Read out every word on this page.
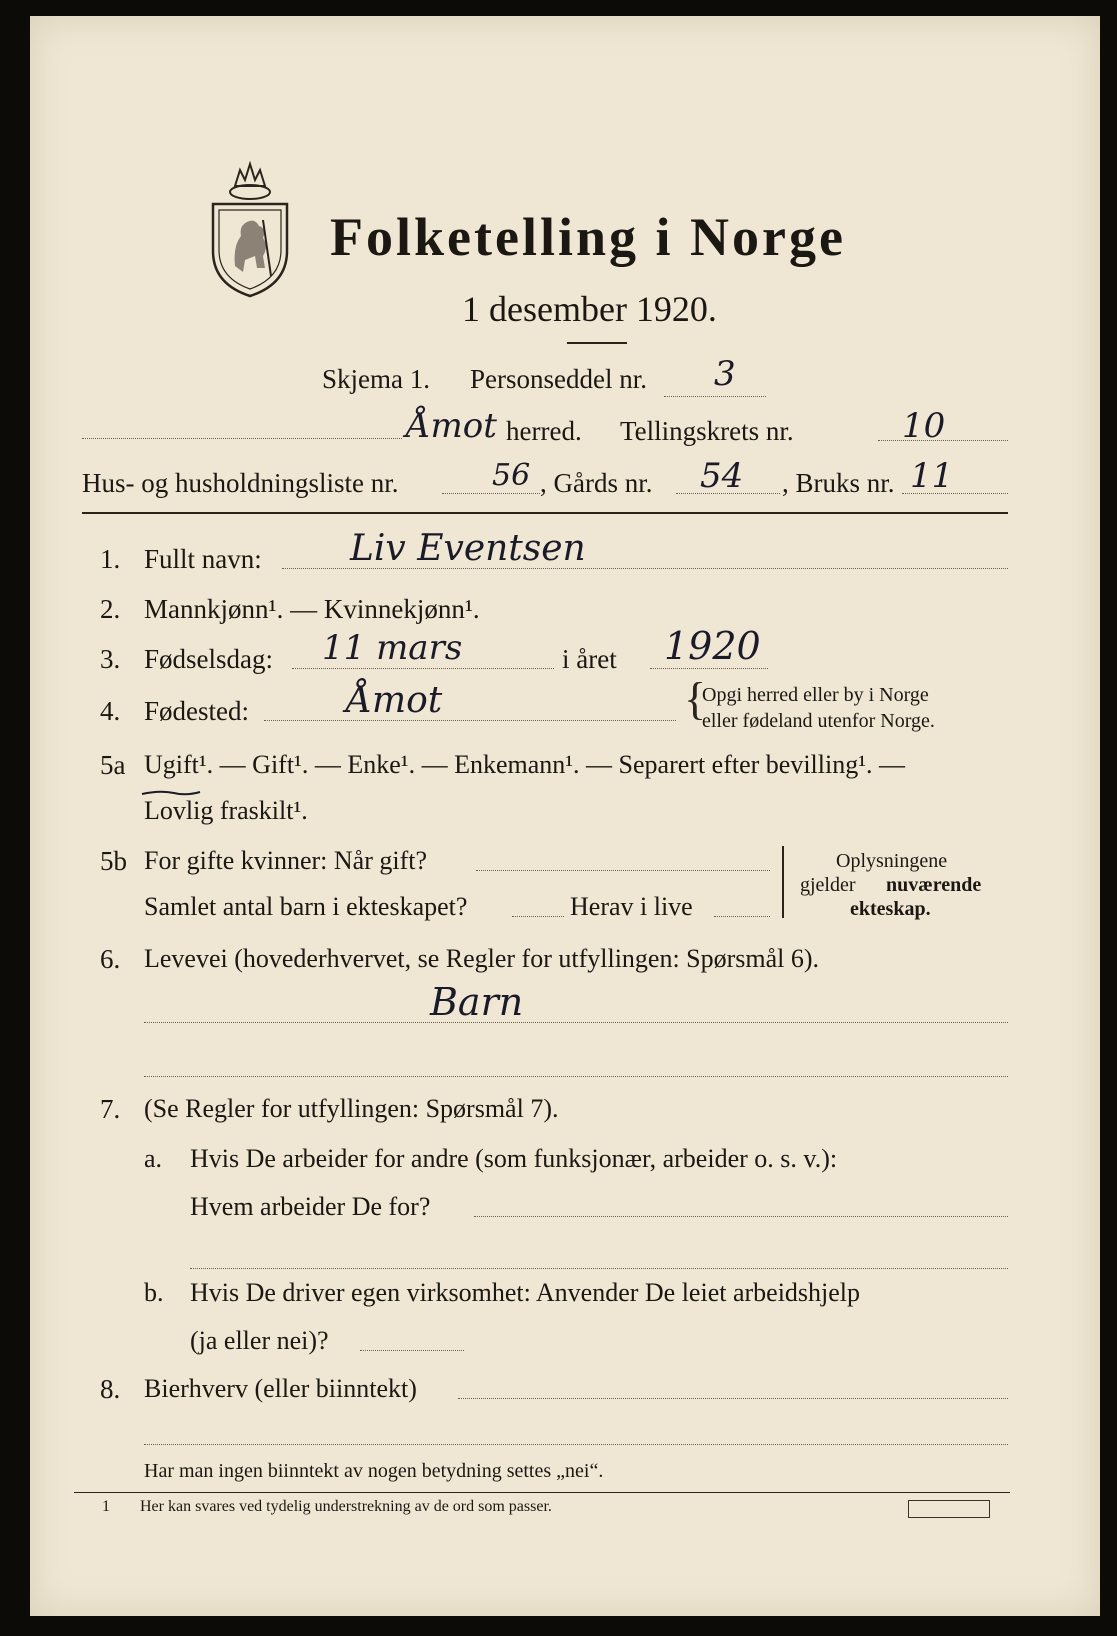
Folketelling i Norge
1 desember 1920.
Skjema 1. Personseddel nr. 3
Åmot herred. Tellingskrets nr.	10
Hus- og husholdningsliste nr.	56 , Gårds nr. 54 , Bruks nr. 11
1. Fullt navn: Liv Eventsen
2. Mannkjønn¹. — Kvinnekjønn¹.
3. Fødselsdag: 11 mars	i året 1920
4. Fødested:	Åmot	{
Opgi herred eller by i Norge
eller fødeland utenfor Norge.
5a Ugift¹. — Gift¹. — Enke¹. — Enkemann¹. — Separert efter bevilling¹. —
Lovlig fraskilt¹.
5b For gifte kvinner: Når gift?
Samlet antal barn i ekteskapet?	Herav i live
Oplysningene
gjelder nuværende
ekteskap.
6. Levevei (hovederhvervet, se Regler for utfyllingen: Spørsmål 6).
Barn
7. (Se Regler for utfyllingen: Spørsmål 7).
a. Hvis De arbeider for andre (som funksjonær, arbeider o. s. v.):
Hvem arbeider De for?
b. Hvis De driver egen virksomhet: Anvender De leiet arbeidshjelp
(ja eller nei)?
8. Bierhverv (eller biinntekt)
Har man ingen biinntekt av nogen betydning settes „nei“.
1 Her kan svares ved tydelig understrekning av de ord som passer.
